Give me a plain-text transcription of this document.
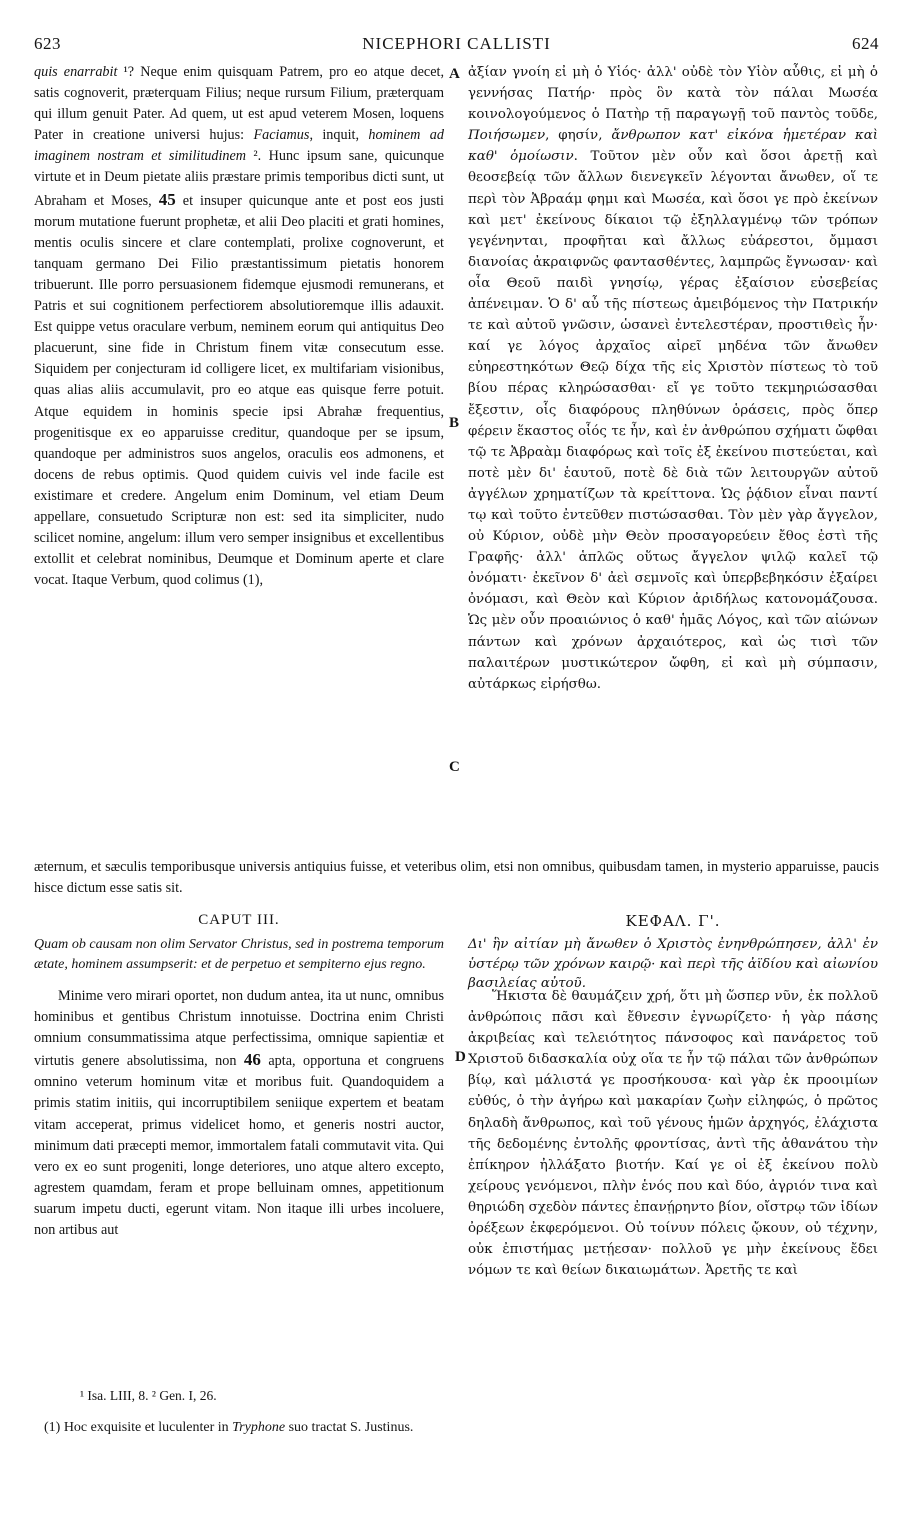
623	NICEPHORI CALLISTI	624

quis enarrabit ¹? Neque enim quisquam Patrem, pro eo atque decet, satis cognoverit, præterquam Filius; neque rursum Filium, præterquam qui illum genuit Pater. Ad quem, ut est apud veterem Mosen, loquens Pater in creatione universi hujus: Faciamus, inquit, hominem ad imaginem nostram et similitudinem ². Hunc ipsum sane, quicunque virtute et in Deum pietate aliis præstare primis temporibus dicti sunt, ut Abraham et Moses, 45 et insuper quicunque ante et post eos justi morum mutatione fuerunt prophetæ, et alii Deo placiti et grati homines, mentis oculis sincere et clare contemplati, prolixe cognoverunt, et tanquam germano Dei Filio præstantissimum pietatis honorem tribuerunt. Ille porro persuasionem fidemque ejusmodi remunerans, et Patris et sui cognitionem perfectiorem absolutioremque illis adauxit. Est quippe vetus oraculare verbum, neminem eorum qui antiquitus Deo placuerunt, sine fide in Christum finem vitæ consecutum esse. Siquidem per conjecturam id colligere licet, ex multifariam visionibus, quas alias aliis accumulavit, pro eo atque eas quisque ferre potuit. Atque equidem in hominis specie ipsi Abrahæ frequentius, progenitisque ex eo apparuisse creditur, quandoque per se ipsum, quandoque per administros suos angelos, oraculis eos admonens, et docens de rebus optimis. Quod quidem cuivis vel inde facile est existimare et credere. Angelum enim Dominum, vel etiam Deum appellare, consuetudo Scripturæ non est: sed ita simpliciter, nudo scilicet nomine, angelum: illum vero semper insignibus et excellentibus extollit et celebrat nominibus, Deumque et Dominum aperte et clare vocat. Itaque Verbum, quod colimus (1),

A
B
C
D

ἀξίαν γνοίη εἰ μὴ ὁ Υἱός· ἀλλ' οὐδὲ τὸν Υἱὸν αὖθις, εἰ μὴ ὁ γεννήσας Πατήρ· πρὸς ὃν κατὰ τὸν πάλαι Μωσέα κοινολογούμενος ὁ Πατὴρ τῇ παραγωγῇ τοῦ παντὸς τοῦδε, Ποιήσωμεν, φησίν, ἄνθρωπον κατ' εἰκόνα ἡμετέραν καὶ καθ' ὁμοίωσιν. Τοῦτον μὲν οὖν καὶ ὅσοι ἀρετῇ καὶ θεοσεβείᾳ τῶν ἄλλων διενεγκεῖν λέγονται ἄνωθεν, οἵ τε περὶ τὸν Ἀβραάμ φημι καὶ Μωσέα, καὶ ὅσοι γε πρὸ ἐκείνων καὶ μετ' ἐκείνους δίκαιοι τῷ ἐξηλλαγμένῳ τῶν τρόπων γεγένηνται, προφῆται καὶ ἄλλως εὐάρεστοι, ὄμμασι διανοίας ἀκραιφνῶς φαντασθέντες, λαμπρῶς ἔγνωσαν· καὶ οἷα Θεοῦ παιδὶ γνησίῳ, γέρας ἐξαίσιον εὐσεβείας ἀπένειμαν. Ὁ δ' αὖ τῆς πίστεως ἀμειβόμενος τὴν Πατρικήν τε καὶ αὐτοῦ γνῶσιν, ὡσανεὶ ἐντελεστέραν, προστιθεὶς ἦν· καί γε λόγος ἀρχαῖος αἱρεῖ μηδένα τῶν ἄνωθεν εὐηρεστηκότων Θεῷ δίχα τῆς εἰς Χριστὸν πίστεως τὸ τοῦ βίου πέρας κληρώσασθαι· εἴ γε τοῦτο τεκμηριώσασθαι ἔξεστιν, οἷς διαφόρους πληθύνων ὁράσεις, πρὸς ὅπερ φέρειν ἕκαστος οἷός τε ἦν, καὶ ἐν ἀνθρώπου σχήματι ὤφθαι τῷ τε Ἀβραὰμ διαφόρως καὶ τοῖς ἐξ ἐκείνου πιστεύεται, καὶ ποτὲ μὲν δι' ἑαυτοῦ, ποτὲ δὲ διὰ τῶν λειτουργῶν αὐτοῦ ἀγγέλων χρηματίζων τὰ κρείττονα. Ὡς ῥᾴδιον εἶναι παντί τῳ καὶ τοῦτο ἐντεῦθεν πιστώσασθαι. Τὸν μὲν γὰρ ἄγγελον, οὐ Κύριον, οὐδὲ μὴν Θεὸν προσαγορεύειν ἔθος ἐστὶ τῆς Γραφῆς· ἀλλ' ἁπλῶς οὕτως ἄγγελον ψιλῷ καλεῖ τῷ ὀνόματι· ἐκεῖνον δ' ἀεὶ σεμνοῖς καὶ ὑπερβεβηκόσιν ἐξαίρει ὀνόμασι, καὶ Θεὸν καὶ Κύριον ἀριδήλως κατονομάζουσα. Ὡς μὲν οὖν προαιώνιος ὁ καθ' ἡμᾶς Λόγος, καὶ τῶν αἰώνων πάντων καὶ χρόνων ἀρχαιότερος, καὶ ὡς τισὶ τῶν παλαιτέρων μυστικώτερον ὤφθη, εἰ καὶ μὴ σύμπασιν, αὐτάρκως εἰρήσθω.

æternum, et sæculis temporibusque universis antiquius fuisse, et veteribus olim, etsi non omnibus, quibusdam tamen, in mysterio apparuisse, paucis hisce dictum esse satis sit.
CAPUT III.	ΚΕΦΑΛ. Γ'.
Quam ob causam non olim Servator Christus, sed in postrema temporum ætate, hominem assumpserit: et de perpetuo et sempiterno ejus regno.
Δι' ἣν αἰτίαν μὴ ἄνωθεν ὁ Χριστὸς ἐνηνθρώπησεν, ἀλλ' ἐν ὑστέρῳ τῶν χρόνων καιρῷ· καὶ περὶ τῆς ἀϊδίου καὶ αἰωνίου βασιλείας αὐτοῦ.

Minime vero mirari oportet, non dudum antea, ita ut nunc, omnibus hominibus et gentibus Christum innotuisse. Doctrina enim Christi omnium consummatissima atque perfectissima, omnique sapientiæ et virtutis genere absolutissima, non 46 apta, opportuna et congruens omnino veterum hominum vitæ et moribus fuit. Quandoquidem a primis statim initiis, qui incorruptibilem seniique expertem et beatam vitam acceperat, primus videlicet homo, et generis nostri auctor, minimum dati præcepti memor, immortalem fatali commutavit vita. Qui vero ex eo sunt progeniti, longe deteriores, uno atque altero excepto, agrestem quamdam, feram et prope belluinam omnes, appetitionum suarum impetu ducti, egerunt vitam. Non itaque illi urbes incoluere, non artibus aut

Ἥκιστα δὲ θαυμάζειν χρή, ὅτι μὴ ὥσπερ νῦν, ἐκ πολλοῦ ἀνθρώποις πᾶσι καὶ ἔθνεσιν ἐγνωρίζετο· ἡ γὰρ πάσης ἀκριβείας καὶ τελειότητος πάνσοφος καὶ πανάρετος τοῦ Χριστοῦ διδασκαλία οὐχ οἵα τε ἦν τῷ πάλαι τῶν ἀνθρώπων βίῳ, καὶ μάλιστά γε προσήκουσα· καὶ γὰρ ἐκ προοιμίων εὐθύς, ὁ τὴν ἀγήρω καὶ μακαρίαν ζωὴν εἰληφώς, ὁ πρῶτος δηλαδὴ ἄνθρωπος, καὶ τοῦ γένους ἡμῶν ἀρχηγός, ἐλάχιστα τῆς δεδομένης ἐντολῆς φροντίσας, ἀντὶ τῆς ἀθανάτου τὴν ἐπίκηρον ἠλλάξατο βιοτήν. Καί γε οἱ ἐξ ἐκείνου πολὺ χείρους γενόμενοι, πλὴν ἑνός που καὶ δύο, ἀγριόν τινα καὶ θηριώδη σχεδὸν πάντες ἐπανῄρηντο βίον, οἴστρῳ τῶν ἰδίων ὀρέξεων ἐκφερόμενοι. Οὐ τοίνυν πόλεις ᾤκουν, οὐ τέχνην, οὐκ ἐπιστήμας μετῄεσαν· πολλοῦ γε μὴν ἐκείνους ἔδει νόμων τε καὶ θείων δικαιωμάτων. Ἀρετῆς τε καὶ

¹ Isa. LIII, 8. ² Gen. I, 26.
(1) Hoc exquisite et luculenter in Tryphone suo tractat S. Justinus.
